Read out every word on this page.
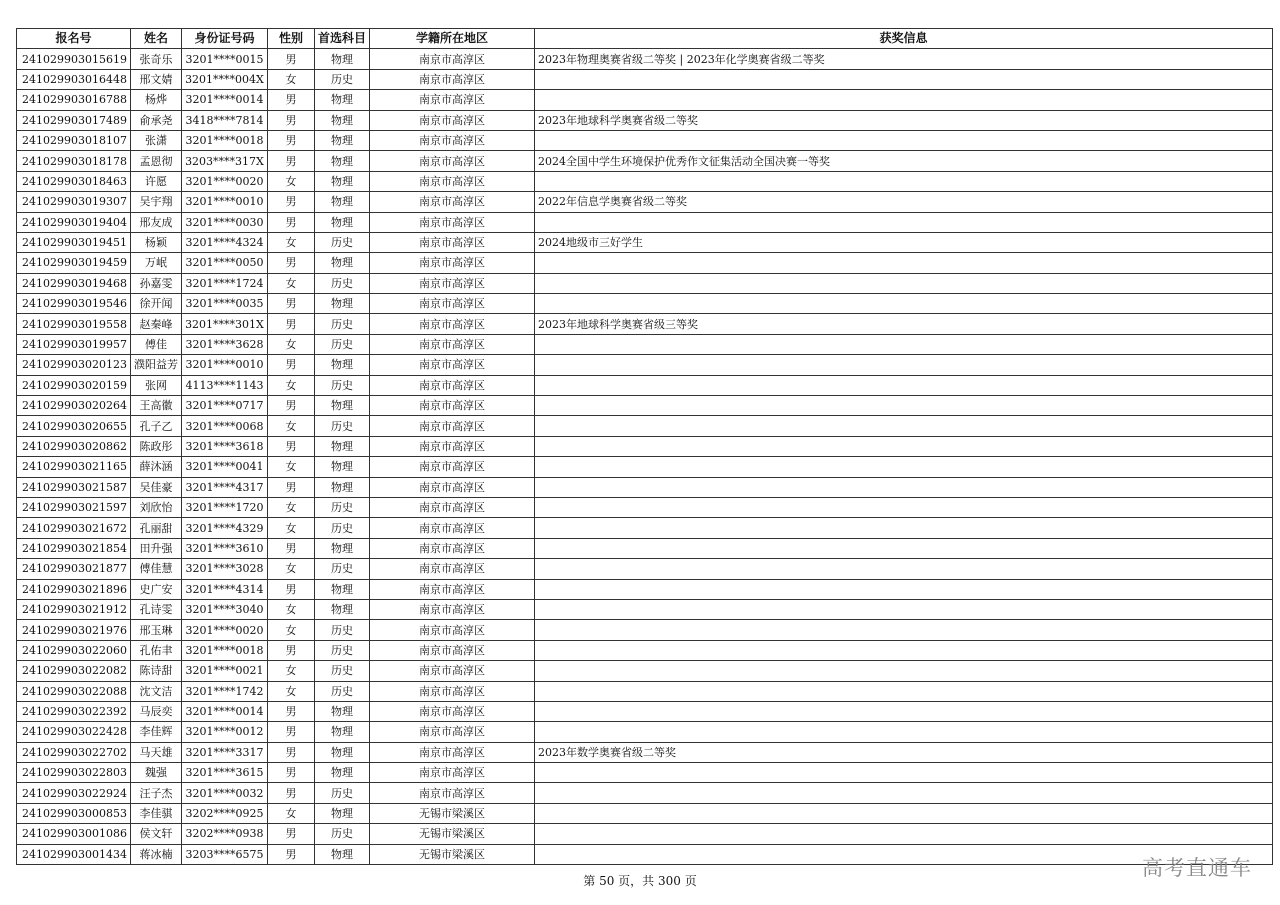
报名号	姓名	身份证号码	性别	首选科目	学籍所在地区	获奖信息
241029903015619	张奇乐	3201****0015	男	物理	南京市高淳区	2023年物理奥赛省级二等奖 | 2023年化学奥赛省级二等奖
241029903016448	邢文婧	3201****004X	女	历史	南京市高淳区	
241029903016788	杨烨	3201****0014	男	物理	南京市高淳区	
241029903017489	俞承尧	3418****7814	男	物理	南京市高淳区	2023年地球科学奥赛省级二等奖
241029903018107	张潇	3201****0018	男	物理	南京市高淳区	
241029903018178	孟恩彻	3203****317X	男	物理	南京市高淳区	2024全国中学生环境保护优秀作文征集活动全国决赛一等奖
241029903018463	许愿	3201****0020	女	物理	南京市高淳区	
241029903019307	吴宇翔	3201****0010	男	物理	南京市高淳区	2022年信息学奥赛省级二等奖
241029903019404	邢友成	3201****0030	男	物理	南京市高淳区	
241029903019451	杨颖	3201****4324	女	历史	南京市高淳区	2024地级市三好学生
241029903019459	万岷	3201****0050	男	物理	南京市高淳区	
241029903019468	孙嘉雯	3201****1724	女	历史	南京市高淳区	
241029903019546	徐开闻	3201****0035	男	物理	南京市高淳区	
241029903019558	赵秦峰	3201****301X	男	历史	南京市高淳区	2023年地球科学奥赛省级三等奖
241029903019957	傅佳	3201****3628	女	历史	南京市高淳区	
241029903020123	濮阳益芳	3201****0010	男	物理	南京市高淳区	
241029903020159	张网	4113****1143	女	历史	南京市高淳区	
241029903020264	王高徽	3201****0717	男	物理	南京市高淳区	
241029903020655	孔子乙	3201****0068	女	历史	南京市高淳区	
241029903020862	陈政彤	3201****3618	男	物理	南京市高淳区	
241029903021165	薛沐涵	3201****0041	女	物理	南京市高淳区	
241029903021587	吴佳豪	3201****4317	男	物理	南京市高淳区	
241029903021597	刘欣怡	3201****1720	女	历史	南京市高淳区	
241029903021672	孔丽甜	3201****4329	女	历史	南京市高淳区	
241029903021854	田升强	3201****3610	男	物理	南京市高淳区	
241029903021877	傅佳慧	3201****3028	女	历史	南京市高淳区	
241029903021896	史广安	3201****4314	男	物理	南京市高淳区	
241029903021912	孔诗雯	3201****3040	女	物理	南京市高淳区	
241029903021976	邢玉琳	3201****0020	女	历史	南京市高淳区	
241029903022060	孔佑聿	3201****0018	男	历史	南京市高淳区	
241029903022082	陈诗甜	3201****0021	女	历史	南京市高淳区	
241029903022088	沈文洁	3201****1742	女	历史	南京市高淳区	
241029903022392	马辰奕	3201****0014	男	物理	南京市高淳区	
241029903022428	李佳辉	3201****0012	男	物理	南京市高淳区	
241029903022702	马天雄	3201****3317	男	物理	南京市高淳区	2023年数学奥赛省级二等奖
241029903022803	魏强	3201****3615	男	物理	南京市高淳区	
241029903022924	汪子杰	3201****0032	男	历史	南京市高淳区	
241029903000853	李佳骐	3202****0925	女	物理	无锡市梁溪区	
241029903001086	侯文轩	3202****0938	男	历史	无锡市梁溪区	
241029903001434	蒋冰楠	3203****6575	男	物理	无锡市梁溪区	
第 50 页，共 300 页
高考直通车
